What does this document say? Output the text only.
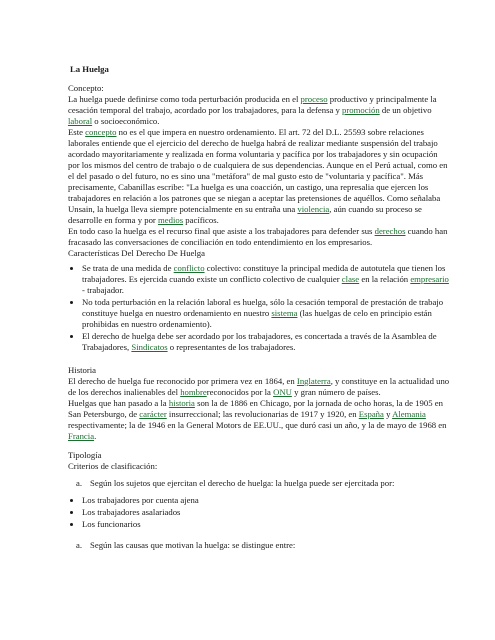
La Huelga

Concepto:

La huelga puede definirse como toda perturbación producida en el proceso productivo y principalmente la cesación temporal del trabajo, acordado por los trabajadores, para la defensa y promoción de un objetivo laboral o socioeconómico.

Este concepto no es el que impera en nuestro ordenamiento. El art. 72 del D.L. 25593 sobre relaciones laborales entiende que el ejercicio del derecho de huelga habrá de realizar mediante suspensión del trabajo acordado mayoritariamente y realizada en forma voluntaria y pacífica por los trabajadores y sin ocupación por los mismos del centro de trabajo o de cualquiera de sus dependencias. Aunque en el Perú actual, como en el del pasado o del futuro, no es sino una "metáfora" de mal gusto esto de "voluntaria y pacífica". Más precisamente, Cabanillas escribe: "La huelga es una coacción, un castigo, una represalia que ejercen los trabajadores en relación a los patrones que se niegan a aceptar las pretensiones de aquéllos. Como señalaba Unsain, la huelga lleva siempre potencialmente en su entraña una violencia, aún cuando su proceso se desarrolle en forma y por medios pacíficos.

En todo caso la huelga es el recurso final que asiste a los trabajadores para defender sus derechos cuando han fracasado las conversaciones de conciliación en todo entendimiento en los empresarios.

Características Del Derecho De Huelga

• Se trata de una medida de conflicto colectivo: constituye la principal medida de autotutela que tienen los trabajadores. Es ejercida cuando existe un conflicto colectivo de cualquier clase en la relación empresario - trabajador.
• No toda perturbación en la relación laboral es huelga, sólo la cesación temporal de prestación de trabajo constituye huelga en nuestro ordenamiento en nuestro sistema (las huelgas de celo en principio están prohibidas en nuestro ordenamiento).
• El derecho de huelga debe ser acordado por los trabajadores, es concertada a través de la Asamblea de Trabajadores, Sindicatos o representantes de los trabajadores.

Historia

El derecho de huelga fue reconocido por primera vez en 1864, en Inglaterra, y constituye en la actualidad uno de los derechos inalienables del hombrereconocidos por la ONU y gran número de países.

Huelgas que han pasado a la historia son la de 1886 en Chicago, por la jornada de ocho horas, la de 1905 en San Petersburgo, de carácter insurreccional; las revolucionarias de 1917 y 1920, en España y Alemania respectivamente; la de 1946 en la General Motors de EE.UU., que duró casi un año, y la de mayo de 1968 en Francia.

Tipología

Criterios de clasificación:

a. Según los sujetos que ejercitan el derecho de huelga: la huelga puede ser ejercitada por:
• Los trabajadores por cuenta ajena
• Los trabajadores asalariados
• Los funcionarios
a. Según las causas que motivan la huelga: se distingue entre:
